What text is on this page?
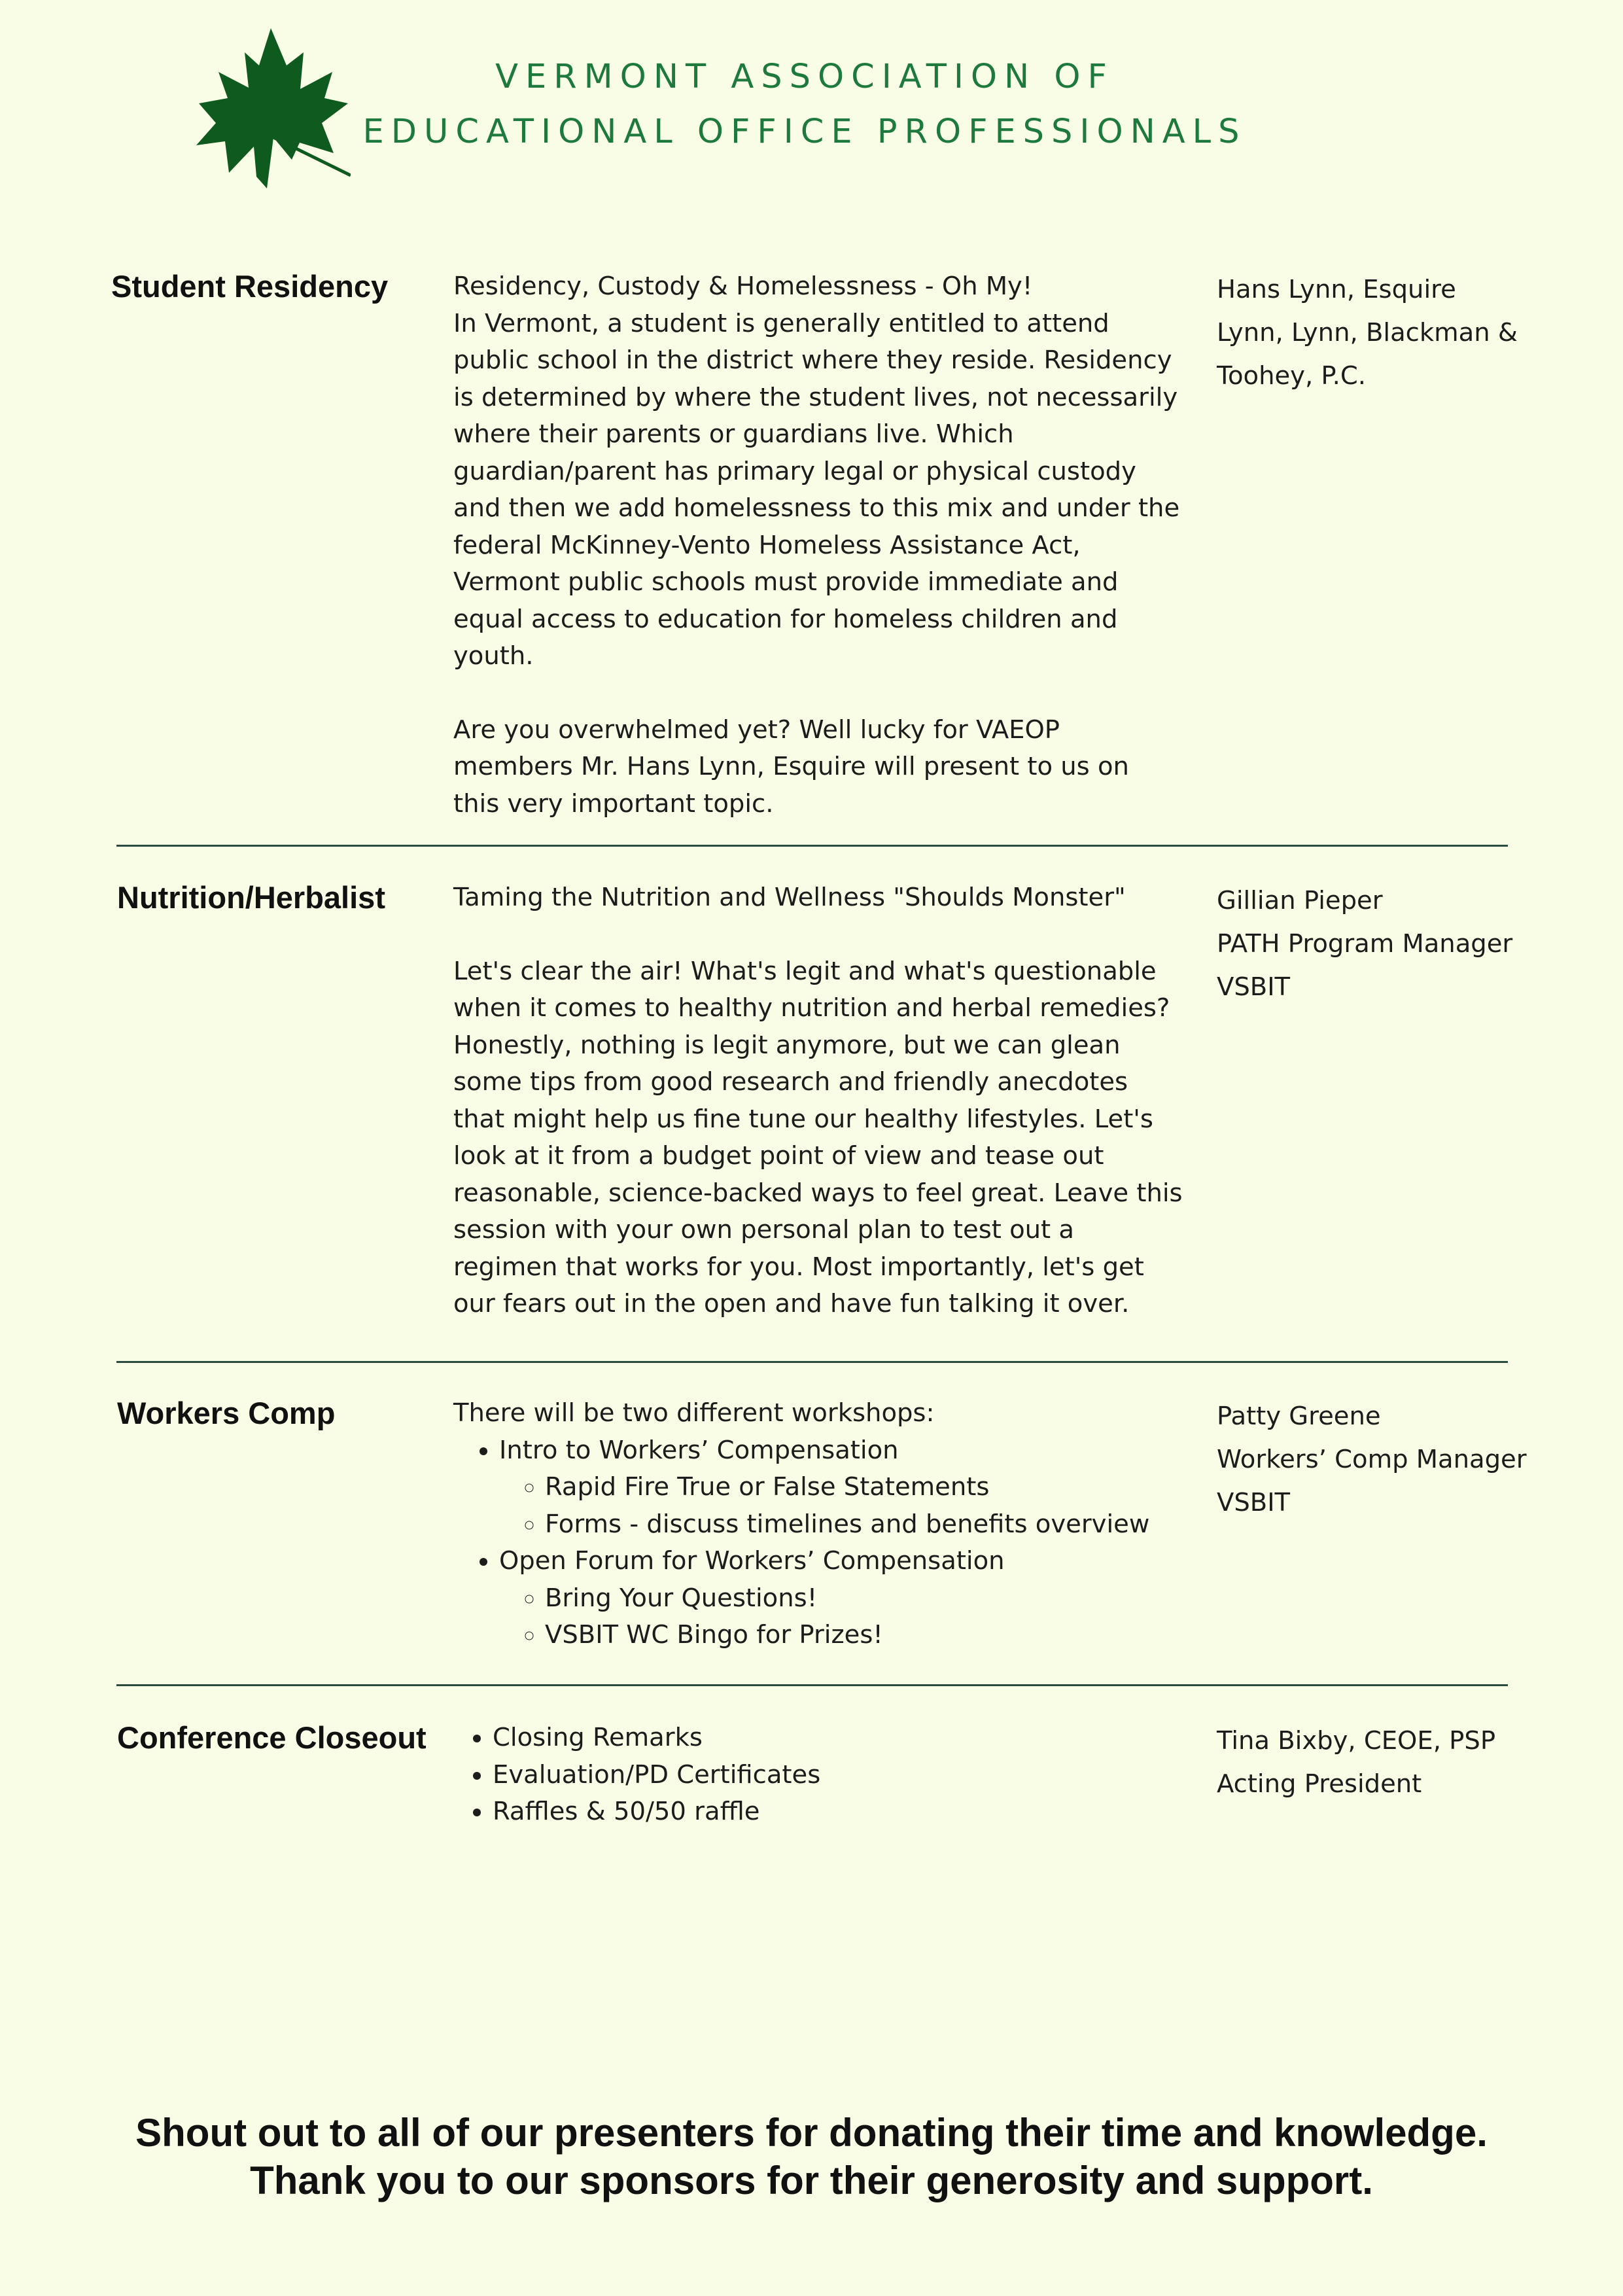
VERMONT ASSOCIATION OF
EDUCATIONAL OFFICE PROFESSIONALS
Student Residency	Residency, Custody & Homelessness - Oh My!

In Vermont, a student is generally entitled to attend public school in the district where they reside. Residency is determined by where the student lives, not necessarily where their parents or guardians live. Which guardian/parent has primary legal or physical custody and then we add homelessness to this mix and under the federal McKinney-Vento Homeless Assistance Act, Vermont public schools must provide immediate and equal access to education for homeless children and youth.

Are you overwhelmed yet? Well lucky for VAEOP members Mr. Hans Lynn, Esquire will present to us on this very important topic.

Hans Lynn, Esquire
Lynn, Lynn, Blackman &
Toohey, P.C.
Nutrition/Herbalist	Taming the Nutrition and Wellness "Shoulds Monster"

Let's clear the air! What's legit and what's questionable when it comes to healthy nutrition and herbal remedies? Honestly, nothing is legit anymore, but we can glean some tips from good research and friendly anecdotes that might help us fine tune our healthy lifestyles. Let's look at it from a budget point of view and tease out reasonable, science-backed ways to feel great. Leave this session with your own personal plan to test out a regimen that works for you. Most importantly, let's get our fears out in the open and have fun talking it over.

Gillian Pieper
PATH Program Manager
VSBIT
Workers Comp	There will be two different workshops:

• Intro to Workers’ Compensation
◦ Rapid Fire True or False Statements
◦ Forms - discuss timelines and benefits overview
• Open Forum for Workers’ Compensation
◦ Bring Your Questions!
◦ VSBIT WC Bingo for Prizes!
Patty Greene
Workers’ Comp Manager
VSBIT
Conference Closeout
•	Closing Remarks
• Evaluation/PD Certificates
• Raffles & 50/50 raffle
Tina Bixby, CEOE, PSP
Acting President

Shout out to all of our presenters for donating their time and knowledge.

Thank you to our sponsors for their generosity and support.
